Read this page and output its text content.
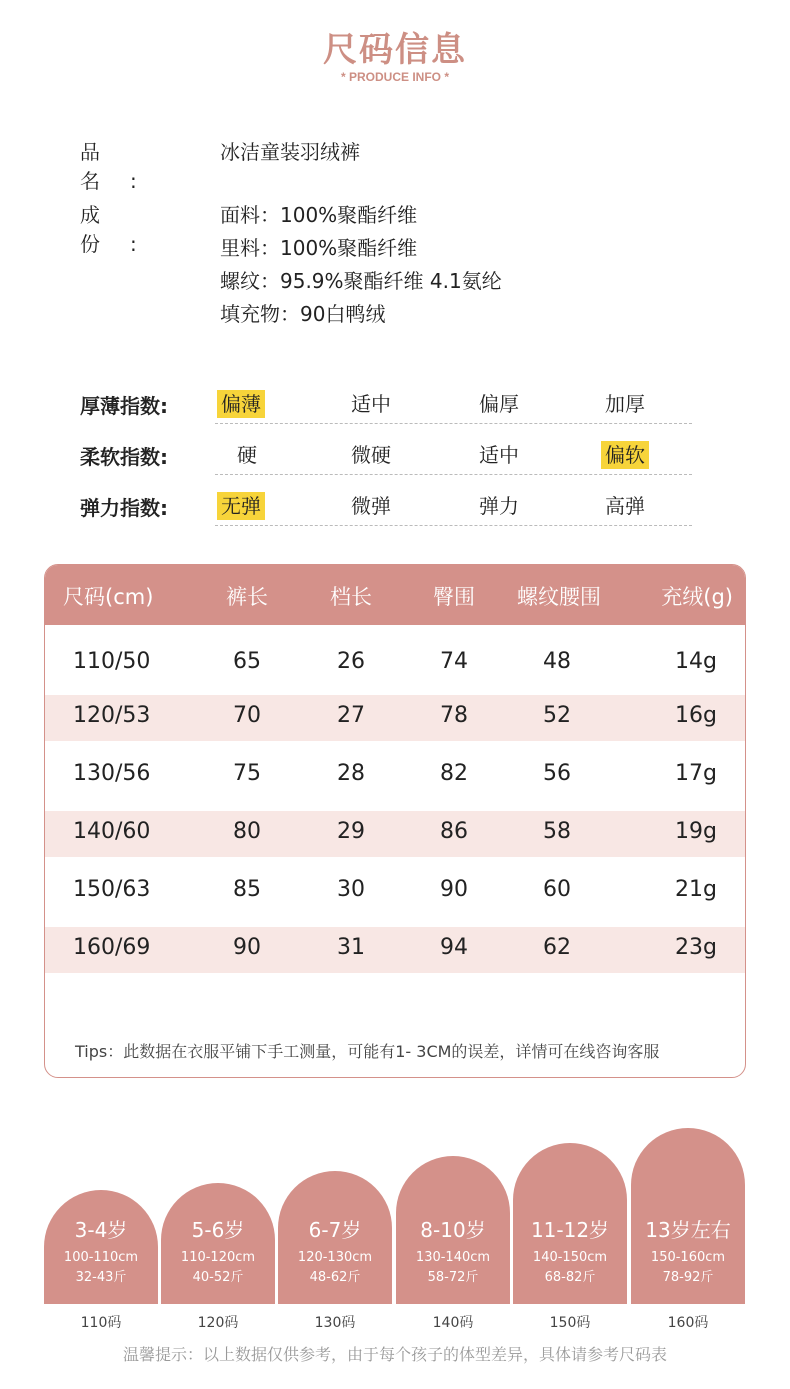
尺码信息
* PRODUCE INFO *
品 名:
冰洁童装羽绒裤
成 份:
面料：100%聚酯纤维
里料：100%聚酯纤维
螺纹：95.9%聚酯纤维 4.1氨纶
填充物：90白鸭绒
厚薄指数:	偏薄	适中	偏厚	加厚
柔软指数:	硬	微硬	适中	偏软
弹力指数:	无弹	微弹	弹力	高弹
尺码(cm)	裤长	档长	臀围	螺纹腰围	充绒(g)
110/50	65	26	74	48	14g
120/53	70	27	78	52	16g
130/56	75	28	82	56	17g
140/60	80	29	86	58	19g
150/63	85	30	90	60	21g
160/69	90	31	94	62	23g
Tips：此数据在衣服平铺下手工测量，可能有1- 3CM的误差，详情可在线咨询客服
3-4岁
100-110cm
32-43斤
110码
5-6岁
110-120cm
40-52斤
120码
6-7岁
120-130cm
48-62斤
130码
8-10岁
130-140cm
58-72斤
140码
11-12岁
140-150cm
68-82斤
150码
13岁左右
150-160cm
78-92斤
160码
温馨提示：以上数据仅供参考，由于每个孩子的体型差异，具体请参考尺码表
